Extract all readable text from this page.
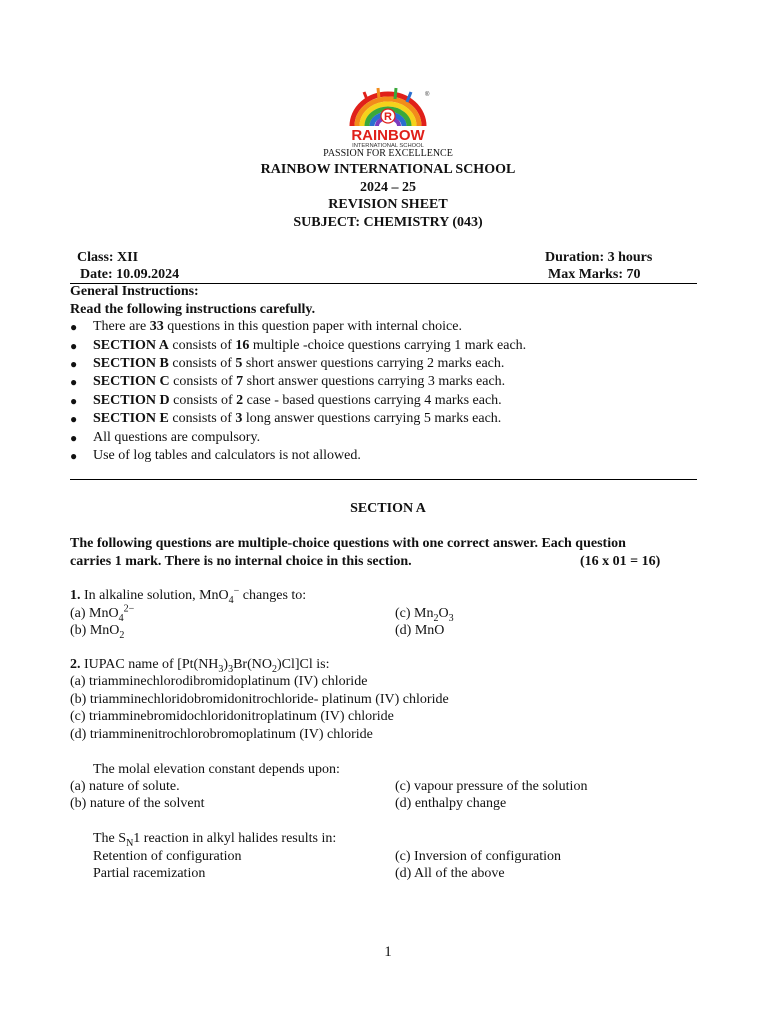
R
®
RAINBOW
INTERNATIONAL SCHOOL
PASSION FOR EXCELLENCE
RAINBOW INTERNATIONAL SCHOOL
2024 – 25
REVISION SHEET
SUBJECT: CHEMISTRY (043)
Class: XII	Duration: 3 hours
Date: 10.09.2024	Max Marks: 70
General Instructions:
Read the following instructions carefully.
●	There are 33 questions in this question paper with internal choice.
●	SECTION A consists of 16 multiple -choice questions carrying 1 mark each.
●	SECTION B consists of 5 short answer questions carrying 2 marks each.
●	SECTION C consists of 7 short answer questions carrying 3 marks each.
●	SECTION D consists of 2 case - based questions carrying 4 marks each.
●	SECTION E consists of 3 long answer questions carrying 5 marks each.
●	All questions are compulsory.
●	Use of log tables and calculators is not allowed.
SECTION A
The following questions are multiple-choice questions with one correct answer. Each question
carries 1 mark. There is no internal choice in this section.	(16 x 01 = 16)
1. In alkaline solution, MnO$_4$− changes to:
(a) MnO$_4^{2-}$	(c) $Mn_2O_3$
(b) MnO$_2$	(d) MnO
2. IUPAC name of $[Pt(NH_3)_3Br(NO_2)Cl]Cl$ is:
(a) triamminechlorodibromidoplatinum (IV) chloride
(b) triamminechloridobromidonitrochloride- platinum (IV) chloride
(c) triamminebromidochloridonitroplatinum (IV) chloride
(d) triamminenitrochlorobromoplatinum (IV) chloride
The molal elevation constant depends upon:
(a) nature of solute.	(c) vapour pressure of the solution
(b) nature of the solvent	(d) enthalpy change
The $S_N1$ reaction in alkyl halides results in:
Retention of configuration	(c) Inversion of configuration
Partial racemization	(d) All of the above
1
